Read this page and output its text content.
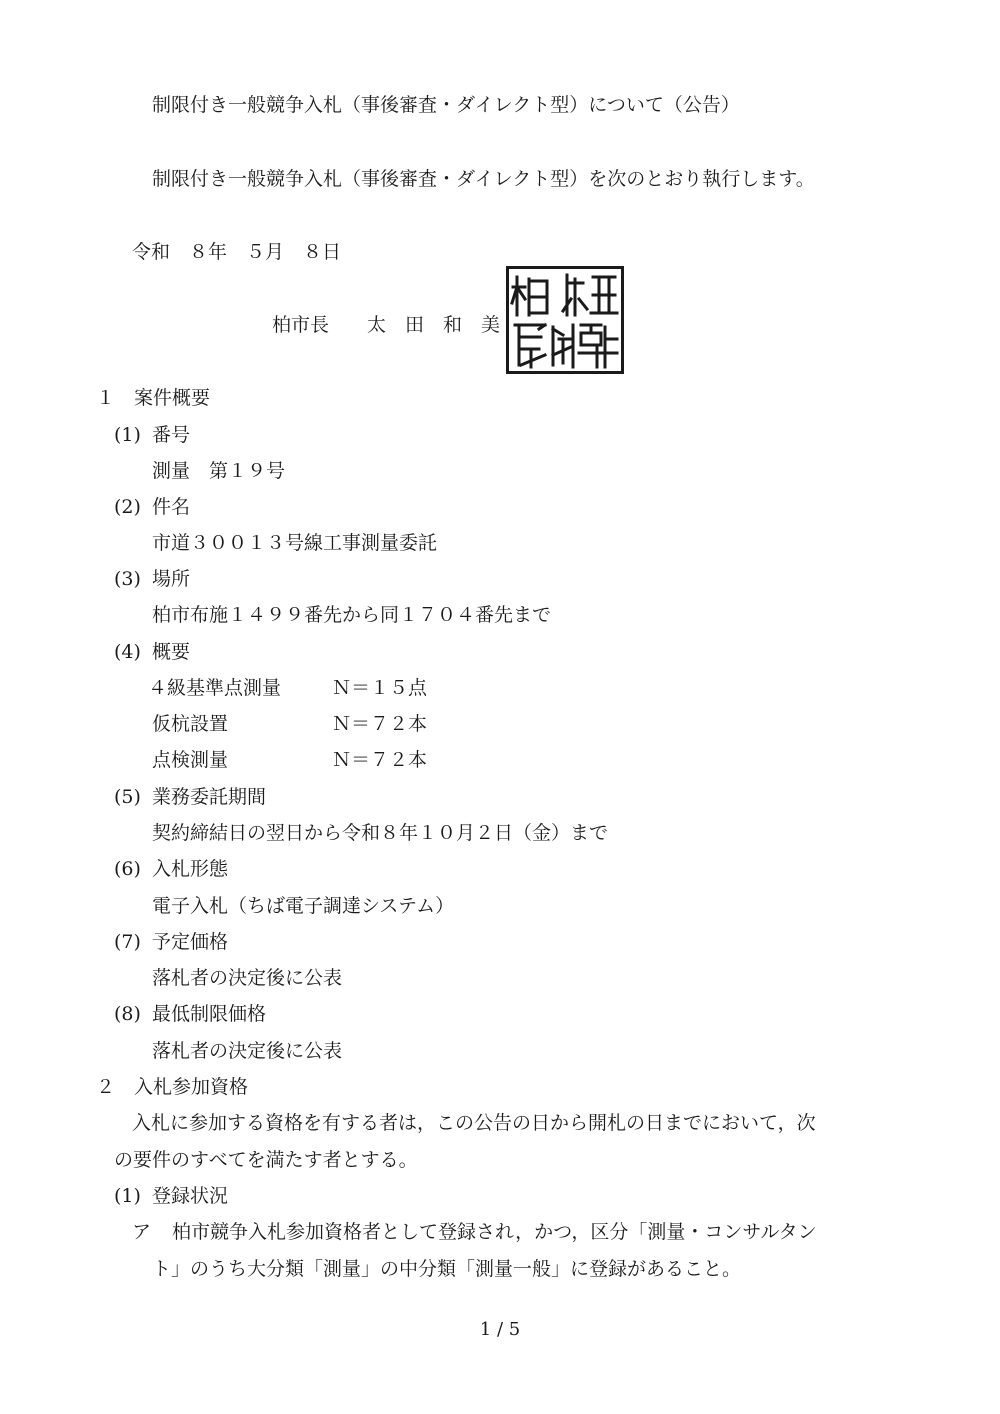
制限付き一般競争入札（事後審査・ダイレクト型）について（公告）
制限付き一般競争入札（事後審査・ダイレクト型）を次のとおり執行します。
令和　８年　５月　８日
柏市長　　太　田　和　美
１　案件概要
(1) 番号
測量　第１９号
(2) 件名
市道３００１３号線工事測量委託
(3) 場所
柏市布施１４９９番先から同１７０４番先まで
(4) 概要
４級基準点測量	Ｎ＝１５点
仮杭設置	Ｎ＝７２本
点検測量	Ｎ＝７２本
(5) 業務委託期間
契約締結日の翌日から令和８年１０月２日（金）まで
(6) 入札形態
電子入札（ちば電子調達システム）
(7) 予定価格
落札者の決定後に公表
(8) 最低制限価格
落札者の決定後に公表
２　入札参加資格
入札に参加する資格を有する者は，この公告の日から開札の日までにおいて，次
の要件のすべてを満たす者とする。
(1) 登録状況
ア 柏市競争入札参加資格者として登録され，かつ，区分「測量・コンサルタン
ト」のうち大分類「測量」の中分類「測量一般」に登録があること。
1 / 5
